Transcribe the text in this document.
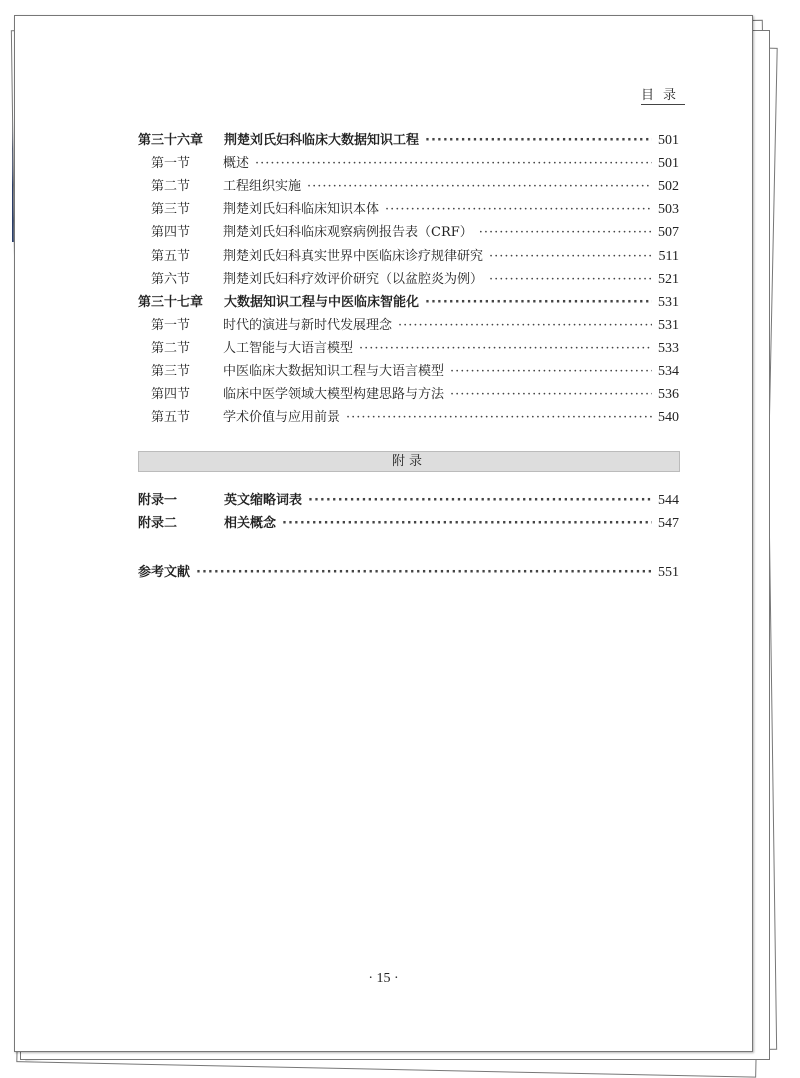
目录
第三十六章	荆楚刘氏妇科临床大数据知识工程 ·····	501
第一节	概述 ·····	501
第二节	工程组织实施 ·····	502
第三节	荆楚刘氏妇科临床知识本体 ·····	503
第四节	荆楚刘氏妇科临床观察病例报告表（CRF） ·····	507
第五节	荆楚刘氏妇科真实世界中医临床诊疗规律研究 ·····	511
第六节	荆楚刘氏妇科疗效评价研究（以盆腔炎为例） ·····	521
第三十七章	大数据知识工程与中医临床智能化 ·····	531
第一节	时代的演进与新时代发展理念 ·····	531
第二节	人工智能与大语言模型 ·····	533
第三节	中医临床大数据知识工程与大语言模型 ·····	534
第四节	临床中医学领域大模型构建思路与方法 ·····	536
第五节	学术价值与应用前景 ·····	540
附录
附录一	英文缩略词表 ·····	544
附录二	相关概念 ·····	547
参考文献 ·····	551
· 15 ·
